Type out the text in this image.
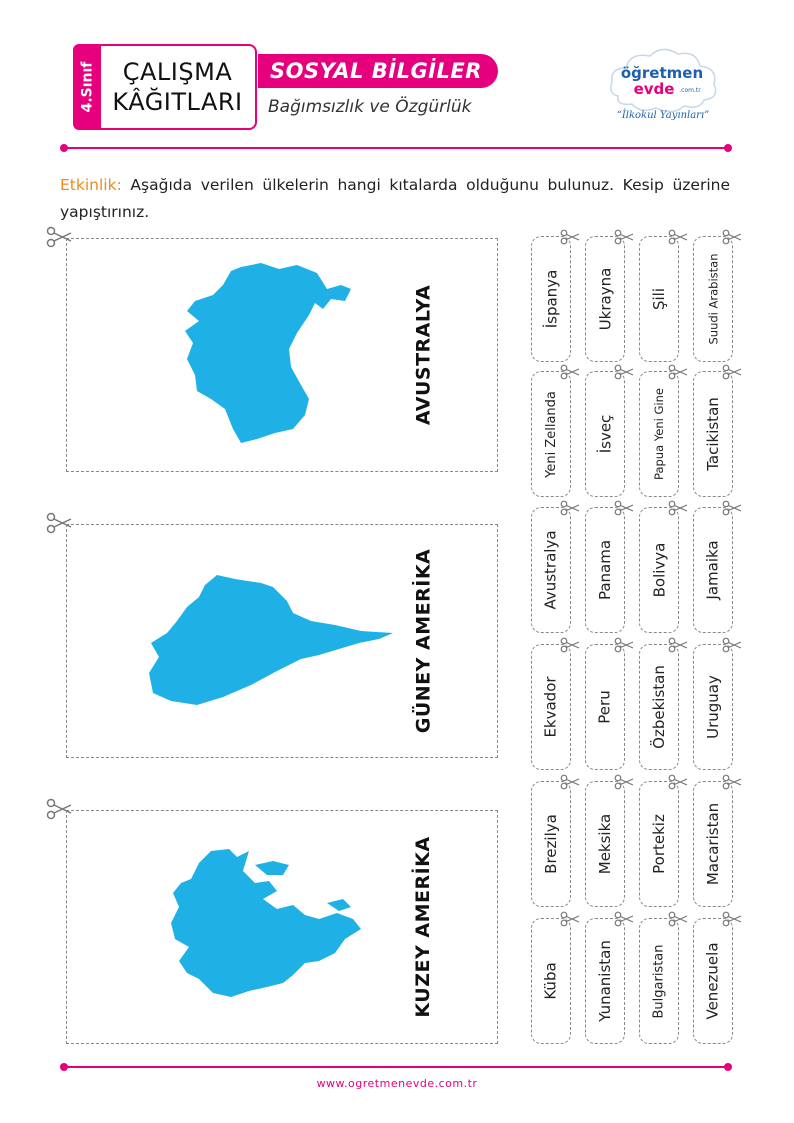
4.Sınıf ÇALIŞMA
KÂĞITLARI
SOSYAL BİLGİLER
Bağımsızlık ve Özgürlük
öğretmen
evde .com.tr
“İlkokul Yayınları”

Etkinlik: Aşağıda verilen ülkelerin hangi kıtalarda olduğunu bulunuz. Kesip üzerine yapıştırınız.

AVUSTRALYA
GÜNEY AMERİKA
KUZEY AMERİKA
İspanya Ukrayna Şili	Suudi Arabistan
Yeni Zellanda	İsveç	Papua Yeni Gine	Tacikistan
Avustralya Panama Bolivya Jamaika
Ekvador Peru Özbekistan Uruguay
Brezilya Meksika Portekiz Macaristan
Küba Yunanistan	Bulgaristan	Venezuela
www.ogretmenevde.com.tr
